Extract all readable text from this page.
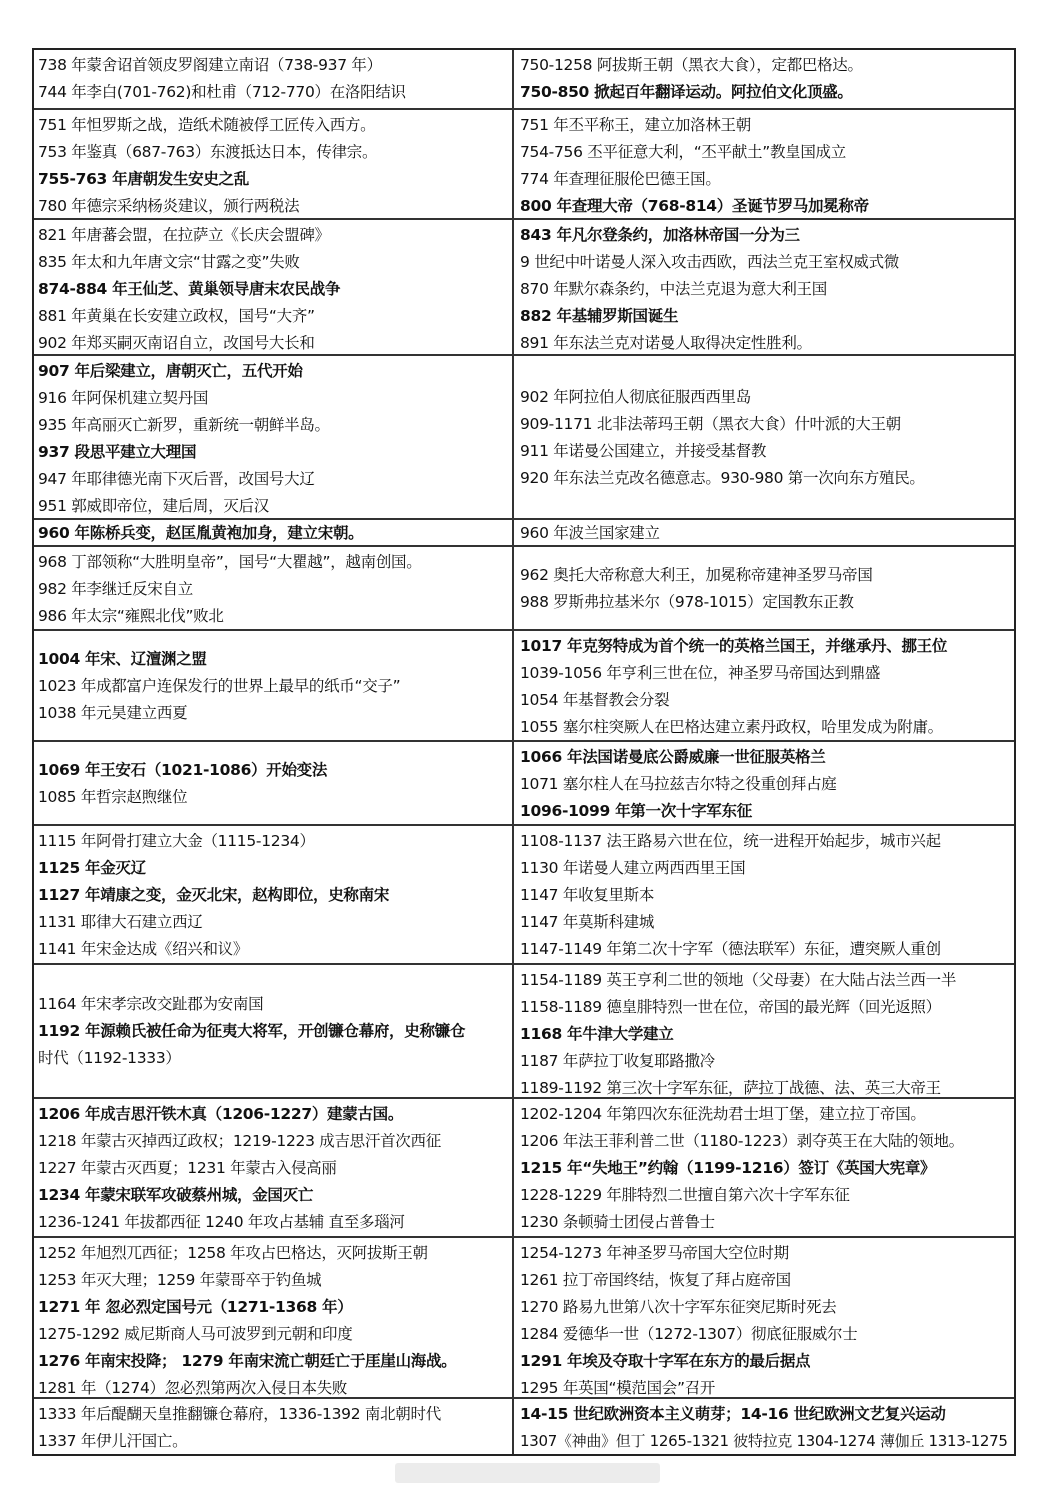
738 年蒙舍诏首领皮罗阁建立南诏（738-937 年）
744 年李白(701-762)和杜甫（712-770）在洛阳结识
750-1258 阿拔斯王朝（黑衣大食），定都巴格达。
750-850 掀起百年翻译运动。阿拉伯文化顶盛。
751 年怛罗斯之战，造纸术随被俘工匠传入西方。
753 年鉴真（687-763）东渡抵达日本，传律宗。
755-763 年唐朝发生安史之乱
780 年德宗采纳杨炎建议，颁行两税法
751 年丕平称王，建立加洛林王朝
754-756 丕平征意大利，“丕平献土”教皇国成立
774 年查理征服伦巴德王国。
800 年查理大帝（768-814）圣诞节罗马加冕称帝
821 年唐蕃会盟，在拉萨立《长庆会盟碑》
835 年太和九年唐文宗“甘露之变”失败
874-884 年王仙芝、黄巢领导唐末农民战争
881 年黄巢在长安建立政权，国号“大齐”
902 年郑买嗣灭南诏自立，改国号大长和
843 年凡尔登条约，加洛林帝国一分为三
9 世纪中叶诺曼人深入攻击西欧，西法兰克王室权威式微
870 年默尔森条约，中法兰克退为意大利王国
882 年基辅罗斯国诞生
891 年东法兰克对诺曼人取得决定性胜利。
907 年后梁建立，唐朝灭亡，五代开始
916 年阿保机建立契丹国
935 年高丽灭亡新罗，重新统一朝鲜半岛。
937 段思平建立大理国
947 年耶律德光南下灭后晋，改国号大辽
951 郭威即帝位，建后周，灭后汉
902 年阿拉伯人彻底征服西西里岛
909-1171 北非法蒂玛王朝（黑衣大食）什叶派的大王朝
911 年诺曼公国建立，并接受基督教
920 年东法兰克改名德意志。930-980 第一次向东方殖民。
960 年陈桥兵变，赵匡胤黄袍加身，建立宋朝。	960 年波兰国家建立
968 丁部领称“大胜明皇帝”，国号“大瞿越”，越南创国。
982 年李继迁反宋自立
986 年太宗“雍熙北伐”败北
962 奥托大帝称意大利王，加冕称帝建神圣罗马帝国
988 罗斯弗拉基米尔（978-1015）定国教东正教
1004 年宋、辽澶渊之盟
1023 年成都富户连保发行的世界上最早的纸币“交子”
1038 年元昊建立西夏
1017 年克努特成为首个统一的英格兰国王，并继承丹、挪王位
1039-1056 年亨利三世在位，神圣罗马帝国达到鼎盛
1054 年基督教会分裂
1055 塞尔柱突厥人在巴格达建立素丹政权，哈里发成为附庸。
1069 年王安石（1021-1086）开始变法
1085 年哲宗赵煦继位
1066 年法国诺曼底公爵威廉一世征服英格兰
1071 塞尔柱人在马拉兹吉尔特之役重创拜占庭
1096-1099 年第一次十字军东征
1115 年阿骨打建立大金（1115-1234）
1125 年金灭辽
1127 年靖康之变，金灭北宋，赵构即位，史称南宋
1131 耶律大石建立西辽
1141 年宋金达成《绍兴和议》
1108-1137 法王路易六世在位，统一进程开始起步，城市兴起
1130 年诺曼人建立两西西里王国
1147 年收复里斯本
1147 年莫斯科建城
1147-1149 年第二次十字军（德法联军）东征，遭突厥人重创
1164 年宋孝宗改交趾郡为安南国
1192 年源赖氏被任命为征夷大将军，开创镰仓幕府，史称镰仓
时代（1192-1333）
1154-1189 英王亨利二世的领地（父母妻）在大陆占法兰西一半
1158-1189 德皇腓特烈一世在位，帝国的最光辉（回光返照）
1168 年牛津大学建立
1187 年萨拉丁收复耶路撒冷
1189-1192 第三次十字军东征，萨拉丁战德、法、英三大帝王
1206 年成吉思汗铁木真（1206-1227）建蒙古国。
1218 年蒙古灭掉西辽政权；1219-1223 成吉思汗首次西征
1227 年蒙古灭西夏；1231 年蒙古入侵高丽
1234 年蒙宋联军攻破蔡州城，金国灭亡
1236-1241 年拔都西征 1240 年攻占基辅 直至多瑙河
1202-1204 年第四次东征洗劫君士坦丁堡，建立拉丁帝国。
1206 年法王菲利普二世（1180-1223）剥夺英王在大陆的领地。
1215 年“失地王”约翰（1199-1216）签订《英国大宪章》
1228-1229 年腓特烈二世擅自第六次十字军东征
1230 条顿骑士团侵占普鲁士
1252 年旭烈兀西征；1258 年攻占巴格达，灭阿拔斯王朝
1253 年灭大理；1259 年蒙哥卒于钓鱼城
1271 年 忽必烈定国号元（1271-1368 年）
1275-1292 威尼斯商人马可波罗到元朝和印度
1276 年南宋投降； 1279 年南宋流亡朝廷亡于厓崖山海战。
1281 年（1274）忽必烈第两次入侵日本失败
1254-1273 年神圣罗马帝国大空位时期
1261 拉丁帝国终结，恢复了拜占庭帝国
1270 路易九世第八次十字军东征突尼斯时死去
1284 爱德华一世（1272-1307）彻底征服威尔士
1291 年埃及夺取十字军在东方的最后据点
1295 年英国“模范国会”召开
1333 年后醍醐天皇推翻镰仓幕府，1336-1392 南北朝时代
1337 年伊儿汗国亡。
14-15 世纪欧洲资本主义萌芽；14-16 世纪欧洲文艺复兴运动
1307《神曲》但丁 1265-1321 彼特拉克 1304-1274 薄伽丘 1313-1275
